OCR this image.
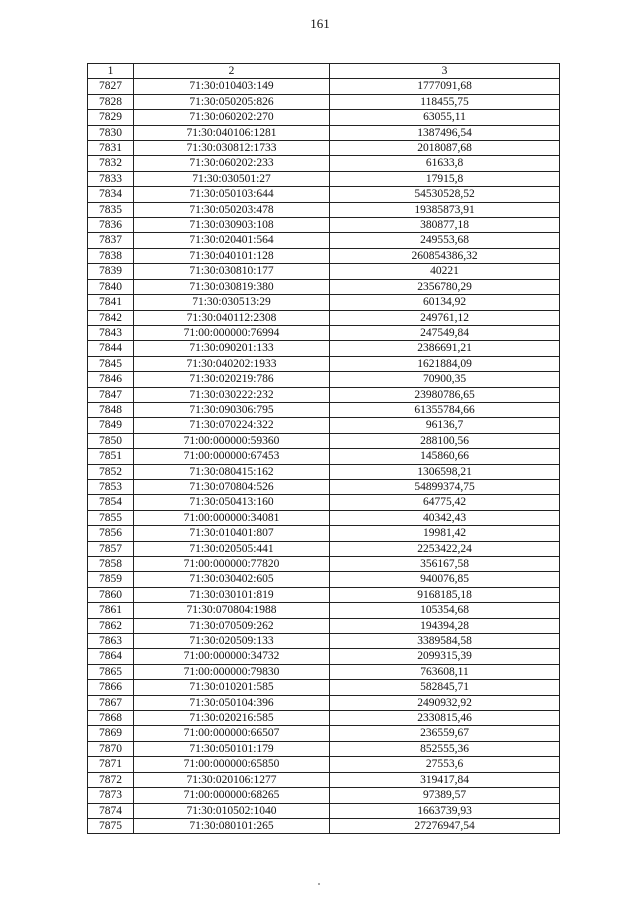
161
1	2	3
7827	71:30:010403:149	1777091,68
7828	71:30:050205:826	118455,75
7829	71:30:060202:270	63055,11
7830	71:30:040106:1281	1387496,54
7831	71:30:030812:1733	2018087,68
7832	71:30:060202:233	61633,8
7833	71:30:030501:27	17915,8
7834	71:30:050103:644	54530528,52
7835	71:30:050203:478	19385873,91
7836	71:30:030903:108	380877,18
7837	71:30:020401:564	249553,68
7838	71:30:040101:128	260854386,32
7839	71:30:030810:177	40221
7840	71:30:030819:380	2356780,29
7841	71:30:030513:29	60134,92
7842	71:30:040112:2308	249761,12
7843	71:00:000000:76994	247549,84
7844	71:30:090201:133	2386691,21
7845	71:30:040202:1933	1621884,09
7846	71:30:020219:786	70900,35
7847	71:30:030222:232	23980786,65
7848	71:30:090306:795	61355784,66
7849	71:30:070224:322	96136,7
7850	71:00:000000:59360	288100,56
7851	71:00:000000:67453	145860,66
7852	71:30:080415:162	1306598,21
7853	71:30:070804:526	54899374,75
7854	71:30:050413:160	64775,42
7855	71:00:000000:34081	40342,43
7856	71:30:010401:807	19981,42
7857	71:30:020505:441	2253422,24
7858	71:00:000000:77820	356167,58
7859	71:30:030402:605	940076,85
7860	71:30:030101:819	9168185,18
7861	71:30:070804:1988	105354,68
7862	71:30:070509:262	194394,28
7863	71:30:020509:133	3389584,58
7864	71:00:000000:34732	2099315,39
7865	71:00:000000:79830	763608,11
7866	71:30:010201:585	582845,71
7867	71:30:050104:396	2490932,92
7868	71:30:020216:585	2330815,46
7869	71:00:000000:66507	236559,67
7870	71:30:050101:179	852555,36
7871	71:00:000000:65850	27553,6
7872	71:30:020106:1277	319417,84
7873	71:00:000000:68265	97389,57
7874	71:30:010502:1040	1663739,93
7875	71:30:080101:265	27276947,54
